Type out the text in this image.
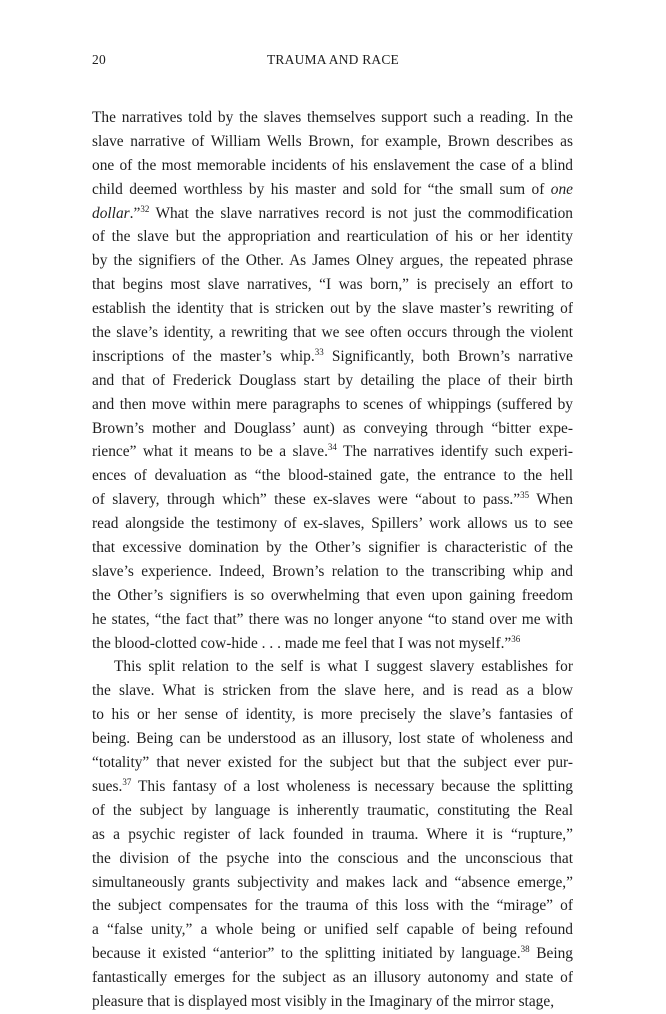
20	TRAUMA AND RACE
The narratives told by the slaves themselves support such a reading. In the
slave narrative of William Wells Brown, for example, Brown describes as
one of the most memorable incidents of his enslavement the case of a blind
child deemed worthless by his master and sold for “the small sum of one
dollar.”$^{32}$ What the slave narratives record is not just the commodification
of the slave but the appropriation and rearticulation of his or her identity
by the signifiers of the Other. As James Olney argues, the repeated phrase
that begins most slave narratives, “I was born,” is precisely an effort to
establish the identity that is stricken out by the slave master’s rewriting of
the slave’s identity, a rewriting that we see often occurs through the violent
inscriptions of the master’s whip.$^{33}$ Significantly, both Brown’s narrative
and that of Frederick Douglass start by detailing the place of their birth
and then move within mere paragraphs to scenes of whippings (suffered by
Brown’s mother and Douglass’ aunt) as conveying through “bitter expe-
rience” what it means to be a slave.$^{34}$ The narratives identify such experi-
ences of devaluation as “the blood-stained gate, the entrance to the hell
of slavery, through which” these ex-slaves were “about to pass.”$^{35}$ When
read alongside the testimony of ex-slaves, Spillers’ work allows us to see
that excessive domination by the Other’s signifier is characteristic of the
slave’s experience. Indeed, Brown’s relation to the transcribing whip and
the Other’s signifiers is so overwhelming that even upon gaining freedom
he states, “the fact that” there was no longer anyone “to stand over me with
the blood-clotted cow-hide . . . made me feel that I was not myself.”$^{36}$
This split relation to the self is what I suggest slavery establishes for
the slave. What is stricken from the slave here, and is read as a blow
to his or her sense of identity, is more precisely the slave’s fantasies of
being. Being can be understood as an illusory, lost state of wholeness and
“totality” that never existed for the subject but that the subject ever pur-
sues.$^{37}$ This fantasy of a lost wholeness is necessary because the splitting
of the subject by language is inherently traumatic, constituting the Real
as a psychic register of lack founded in trauma. Where it is “rupture,”
the division of the psyche into the conscious and the unconscious that
simultaneously grants subjectivity and makes lack and “absence emerge,”
the subject compensates for the trauma of this loss with the “mirage” of
a “false unity,” a whole being or unified self capable of being refound
because it existed “anterior” to the splitting initiated by language.$^{38}$ Being
fantastically emerges for the subject as an illusory autonomy and state of
pleasure that is displayed most visibly in the Imaginary of the mirror stage,
